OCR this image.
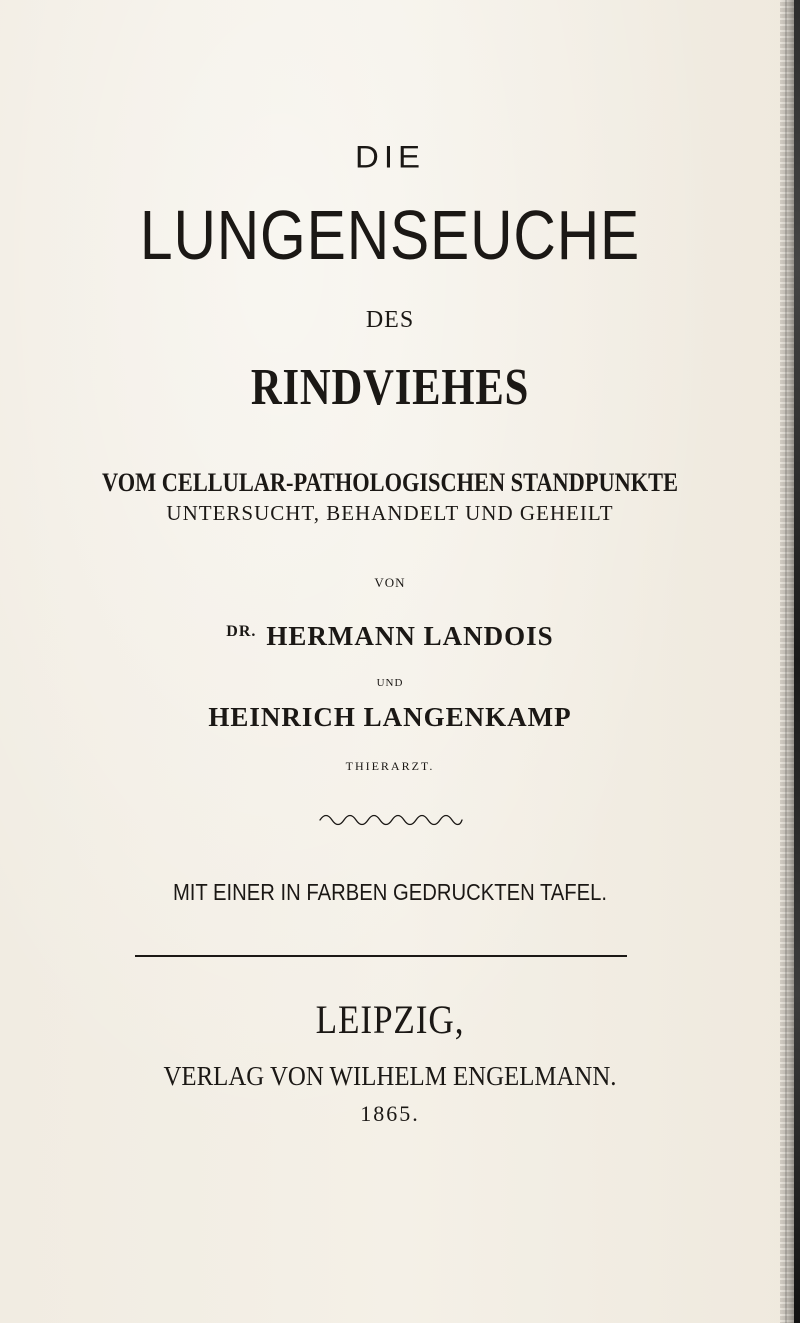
DIE
LUNGENSEUCHE
DES
RINDVIEHES
VOM CELLULAR-PATHOLOGISCHEN STANDPUNKTE
UNTERSUCHT, BEHANDELT UND GEHEILT
VON
$^{DR.}$ HERMANN LANDOIS
UND
HEINRICH LANGENKAMP
THIERARZT.
MIT EINER IN FARBEN GEDRUCKTEN TAFEL.
LEIPZIG,
VERLAG VON WILHELM ENGELMANN.
1865.
